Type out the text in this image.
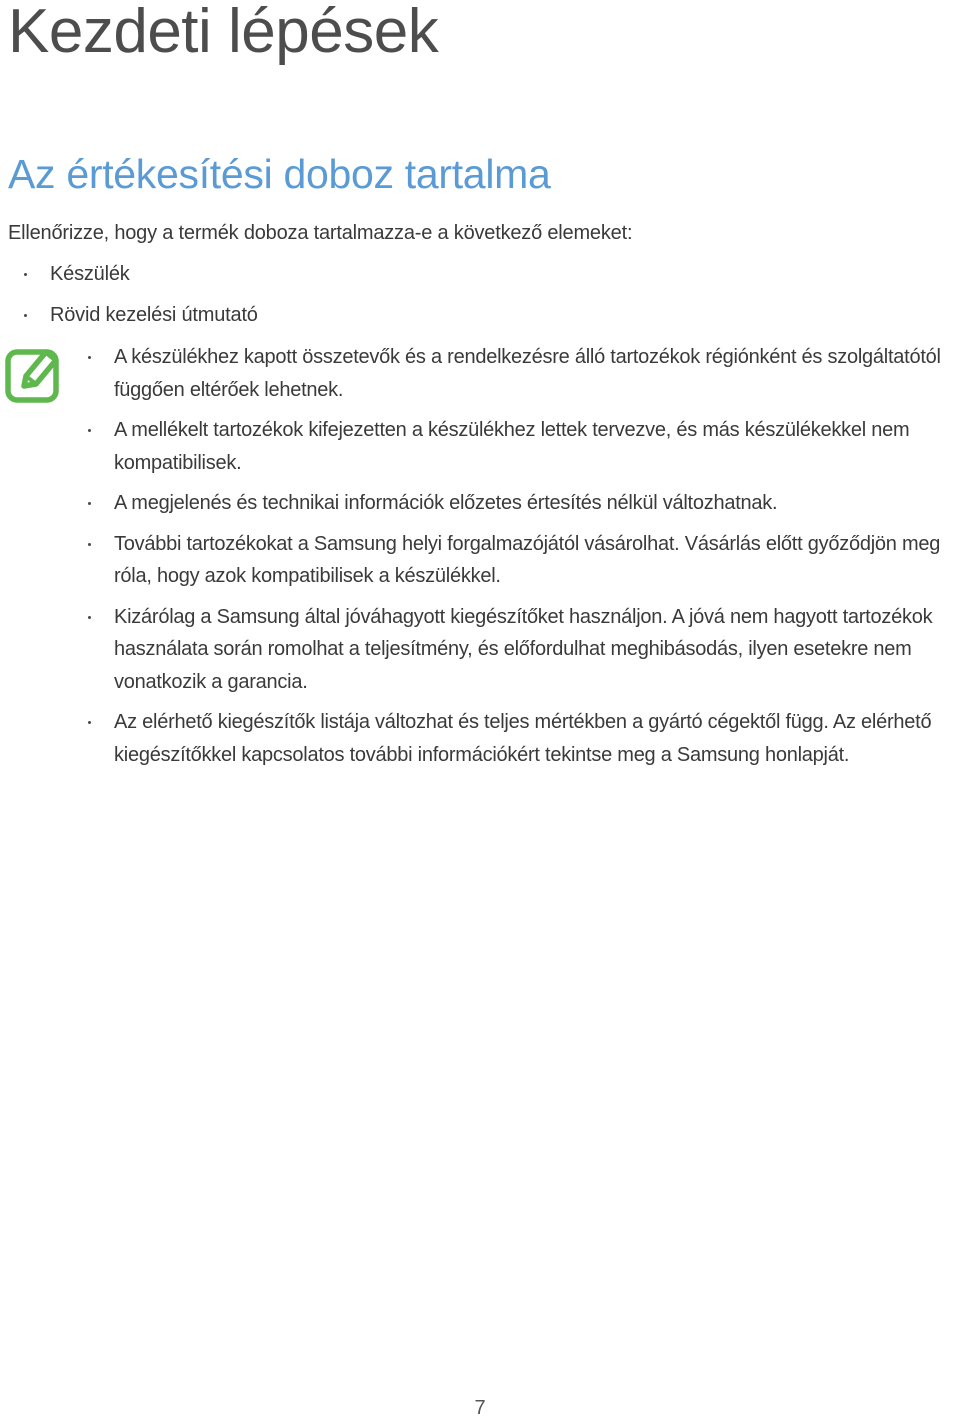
Kezdeti lépések
Az értékesítési doboz tartalma

Ellenőrizze, hogy a termék doboza tartalmazza-e a következő elemeket:

Készülék
Rövid kezelési útmutató
A készülékhez kapott összetevők és a rendelkezésre álló tartozékok régiónként és szolgáltatótól függően eltérőek lehetnek.
A mellékelt tartozékok kifejezetten a készülékhez lettek tervezve, és más készülékekkel nem kompatibilisek.
A megjelenés és technikai információk előzetes értesítés nélkül változhatnak.
További tartozékokat a Samsung helyi forgalmazójától vásárolhat. Vásárlás előtt győződjön meg róla, hogy azok kompatibilisek a készülékkel.
Kizárólag a Samsung által jóváhagyott kiegészítőket használjon. A jóvá nem hagyott tartozékok használata során romolhat a teljesítmény, és előfordulhat meghibásodás, ilyen esetekre nem vonatkozik a garancia.
Az elérhető kiegészítők listája változhat és teljes mértékben a gyártó cégektől függ. Az elérhető kiegészítőkkel kapcsolatos további információkért tekintse meg a Samsung honlapját.

7
